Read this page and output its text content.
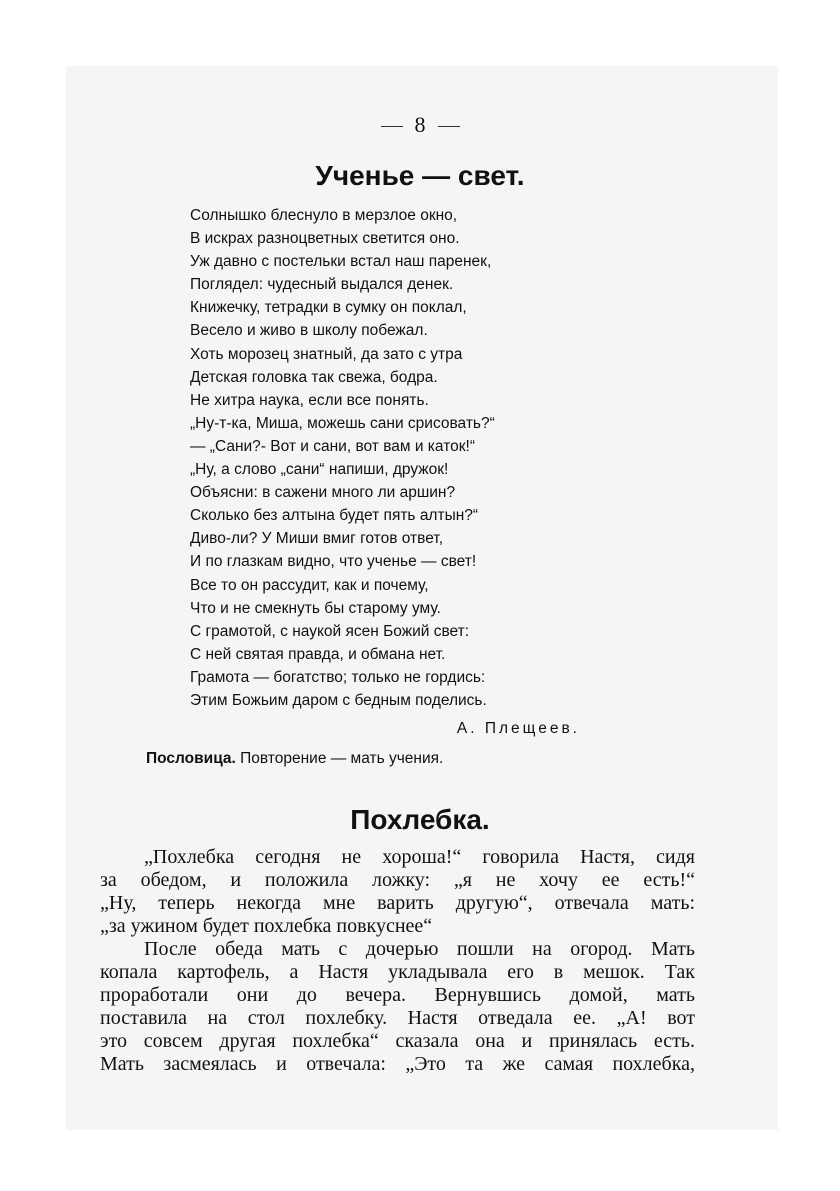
8
Ученье — свет.
Солнышко блеснуло в мерзлое окно,
В искрах разноцветных светится оно.
Уж давно с постельки встал наш паренек,
Поглядел: чудесный выдался денек.
Книжечку, тетрадки в сумку он поклал,
Весело и живо в школу побежал.
Хоть морозец знатный, да зато с утра
Детская головка так свежа, бодра.
Не хитра наука, если все понять.
„Ну-т-ка, Миша, можешь сани срисовать?“
— „Сани?- Вот и сани, вот вам и каток!“
„Ну, а слово „сани“ напиши, дружок!
Объясни: в сажени много ли аршин?
Сколько без алтына будет пять алтын?“
Диво-ли? У Миши вмиг готов ответ,
И по глазкам видно, что ученье — свет!
Все то он рассудит, как и почему,
Что и не смекнуть бы старому уму.
С грамотой, с наукой ясен Божий свет:
С ней святая правда, и обмана нет.
Грамота — богатство; только не гордись:
Этим Божьим даром с бедным поделись.
А. Плещеев.
Пословица. Повторение — мать учения.
Похлебка.
„Похлебка сегодня не хороша!“ говорила Настя, сидя
за обедом, и положила ложку: „я не хочу ее есть!“
„Ну, теперь некогда мне варить другую“, отвечала мать:
„за ужином будет похлебка повкуснее“
После обеда мать с дочерью пошли на огород. Мать
копала картофель, а Настя укладывала его в мешок. Так
проработали они до вечера. Вернувшись домой, мать
поставила на стол похлебку. Настя отведала ее. „А! вот
это совсем другая похлебка“ сказала она и принялась есть.
Мать засмеялась и отвечала: „Это та же самая похлебка,
